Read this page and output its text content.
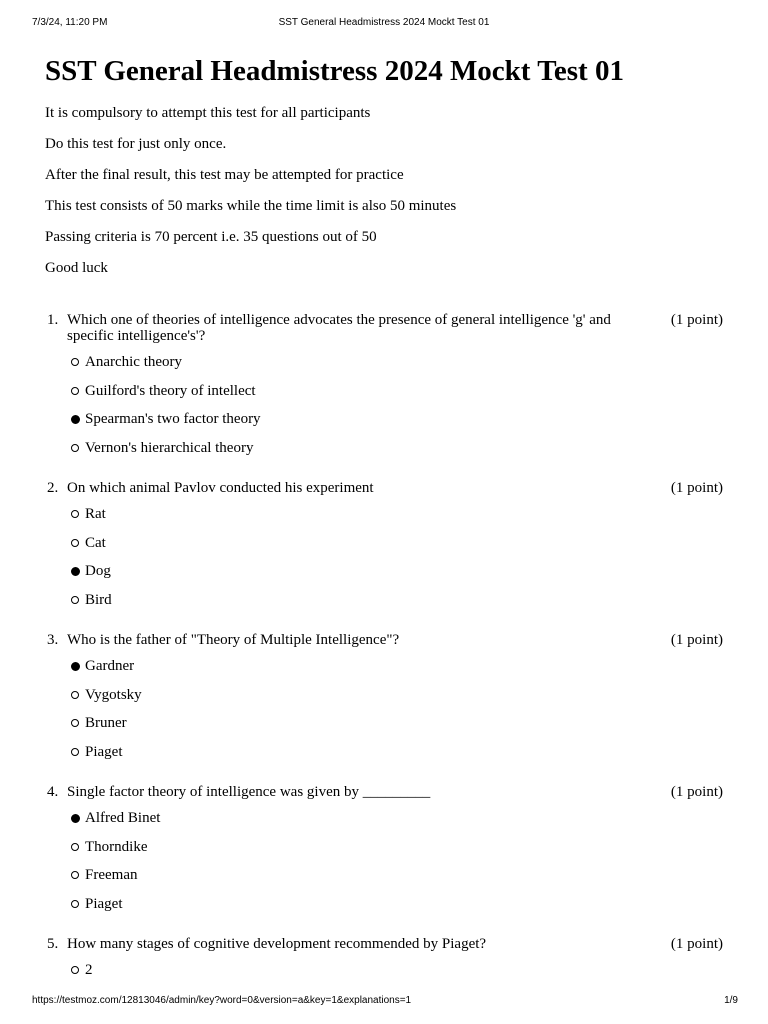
7/3/24, 11:20 PM	SST General Headmistress 2024 Mockt Test 01
SST General Headmistress 2024 Mockt Test 01

It is compulsory to attempt this test for all participants

Do this test for just only once.

After the final result, this test may be attempted for practice

This test consists of 50 marks while the time limit is also 50 minutes

Passing criteria is 70 percent i.e. 35 questions out of 50

Good luck

1. Which one of theories of intelligence advocates the presence of general intelligence 'g' and specific intelligence's'?
(1 point)
Anarchic theory
Guilford's theory of intellect
Spearman's two factor theory
Vernon's hierarchical theory
2. On which animal Pavlov conducted his experiment	(1 point)
Rat
Cat
Dog
Bird
3. Who is the father of "Theory of Multiple Intelligence"?	(1 point)
Gardner
Vygotsky
Bruner
Piaget
4. Single factor theory of intelligence was given by _________	(1 point)
Alfred Binet
Thorndike
Freeman
Piaget
5. How many stages of cognitive development recommended by Piaget?	(1 point)
2
https://testmoz.com/12813046/admin/key?word=0&version=a&key=1&explanations=1	1/9
